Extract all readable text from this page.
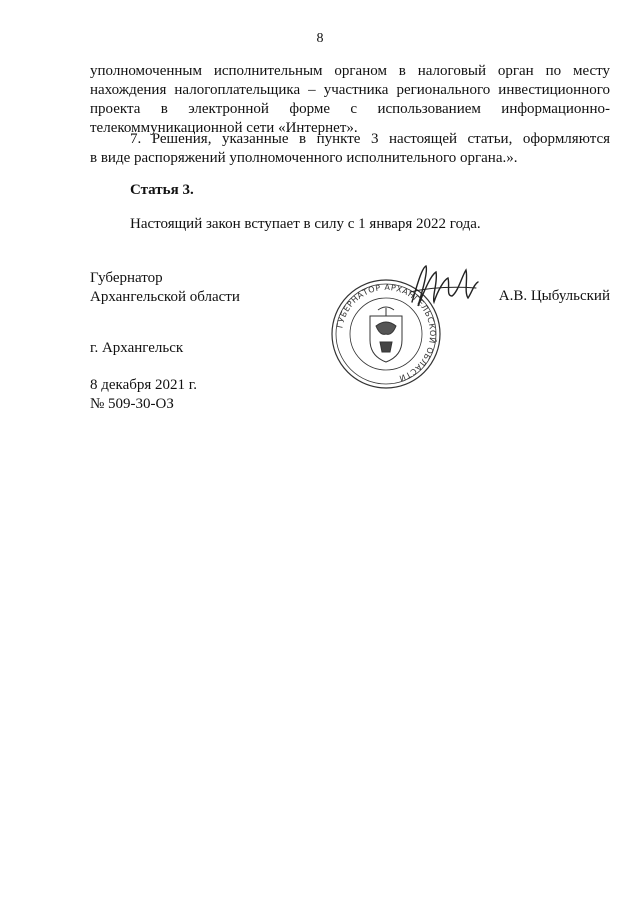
8
уполномоченным исполнительным органом в налоговый орган по месту
нахождения налогоплательщика – участника регионального инвестиционного
проекта в электронной форме с использованием информационно-
телекоммуникационной сети «Интернет».
7. Решения, указанные в пункте 3 настоящей статьи, оформляются
в виде распоряжений уполномоченного исполнительного органа.».
Статья 3.
Настоящий закон вступает в силу с 1 января 2022 года.
Губернатор
Архангельской области
ГУБЕРНАТОР АРХАНГЕЛЬСКОЙ ОБЛАСТИ
А.В. Цыбульский
г. Архангельск
8 декабря 2021 г.
№ 509-30-ОЗ
